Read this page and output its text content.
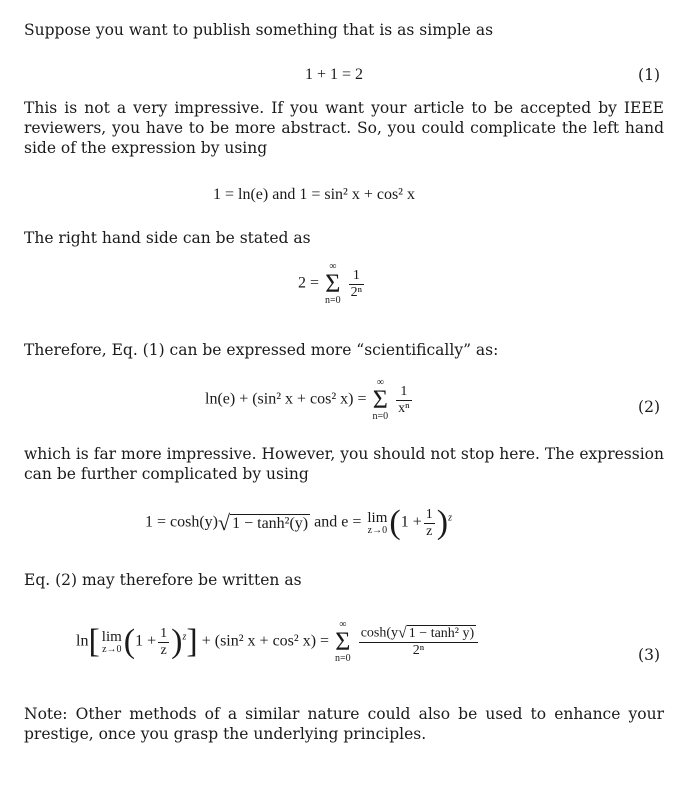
Suppose you want to publish something that is as simple as

1 + 1 = 2	(1)

This is not a very impressive. If you want your article to be accepted by IEEE reviewers, you have to be more abstract. So, you could complicate the left hand side of the expression by using

1 = ln(e) and 1 = sin² x + cos² x

The right hand side can be stated as

2 =
∞
Σ
n=0
$\frac{1}{\text{2ⁿ}}$

Therefore, Eq. (1) can be expressed more “scientifically” as:

ln(e) + (sin² x + cos² x) =
∞
Σ
n=0
$\frac{1}{\text{xⁿ}}$	(2)

which is far more impressive. However, you should not stop here. The expression can be further complicated by using

1 = cosh(y)√ 1 − tanh²(y) and e = lim
z→0 $(1 + \frac{1}{z} )^z$

Eq. (2) may therefore be written as

ln[ lim
z→0 $(1 + \frac{1}{z} )^z] + (\sin^2$ x + cos² x) =
∞
Σ
n=0
$\frac{\text{cosh(y√ 1 − tanh² y)}}{\text{2ⁿ}}$	(3)

Note: Other methods of a similar nature could also be used to enhance your prestige, once you grasp the underlying principles.
